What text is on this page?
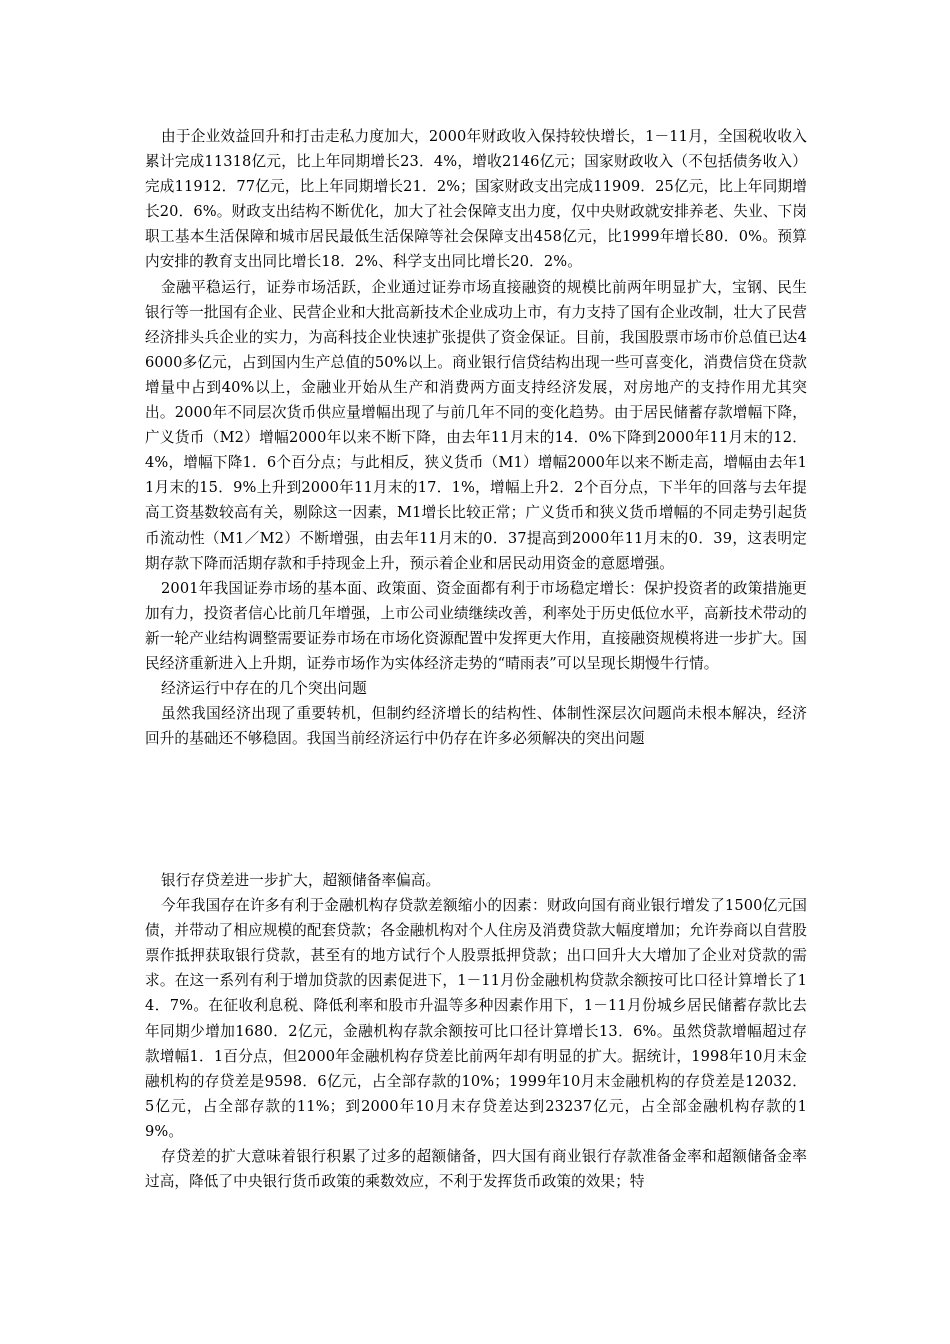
由于企业效益回升和打击走私力度加大，2000年财政收入保持较快增长，1－11月，全国税收收入累计完成11318亿元，比上年同期增长23．4%，增收2146亿元；国家财政收入（不包括债务收入）完成11912．77亿元，比上年同期增长21．2%；国家财政支出完成11909．25亿元，比上年同期增长20．6%。财政支出结构不断优化，加大了社会保障支出力度，仅中央财政就安排养老、失业、下岗职工基本生活保障和城市居民最低生活保障等社会保障支出458亿元，比1999年增长80．0%。预算内安排的教育支出同比增长18．2%、科学支出同比增长20．2%。

金融平稳运行，证券市场活跃，企业通过证券市场直接融资的规模比前两年明显扩大，宝钢、民生银行等一批国有企业、民营企业和大批高新技术企业成功上市，有力支持了国有企业改制，壮大了民营经济排头兵企业的实力，为高科技企业快速扩张提供了资金保证。目前，我国股票市场市价总值已达46000多亿元，占到国内生产总值的50%以上。商业银行信贷结构出现一些可喜变化，消费信贷在贷款增量中占到40%以上，金融业开始从生产和消费两方面支持经济发展，对房地产的支持作用尤其突出。2000年不同层次货币供应量增幅出现了与前几年不同的变化趋势。由于居民储蓄存款增幅下降，广义货币（M2）增幅2000年以来不断下降，由去年11月末的14．0%下降到2000年11月末的12．4%，增幅下降1．6个百分点；与此相反，狭义货币（M1）增幅2000年以来不断走高，增幅由去年11月末的15．9%上升到2000年11月末的17．1%，增幅上升2．2个百分点，下半年的回落与去年提高工资基数较高有关，剔除这一因素，M1增长比较正常；广义货币和狭义货币增幅的不同走势引起货币流动性（M1／M2）不断增强，由去年11月末的0．37提高到2000年11月末的0．39，这表明定期存款下降而活期存款和手持现金上升，预示着企业和居民动用资金的意愿增强。

2001年我国证券市场的基本面、政策面、资金面都有利于市场稳定增长：保护投资者的政策措施更加有力，投资者信心比前几年增强，上市公司业绩继续改善，利率处于历史低位水平，高新技术带动的新一轮产业结构调整需要证券市场在市场化资源配置中发挥更大作用，直接融资规模将进一步扩大。国民经济重新进入上升期，证券市场作为实体经济走势的“晴雨表”可以呈现长期慢牛行情。

经济运行中存在的几个突出问题

虽然我国经济出现了重要转机，但制约经济增长的结构性、体制性深层次问题尚未根本解决，经济回升的基础还不够稳固。我国当前经济运行中仍存在许多必须解决的突出问题

银行存贷差进一步扩大，超额储备率偏高。

今年我国存在许多有利于金融机构存贷款差额缩小的因素：财政向国有商业银行增发了1500亿元国债，并带动了相应规模的配套贷款；各金融机构对个人住房及消费贷款大幅度增加；允许券商以自营股票作抵押获取银行贷款，甚至有的地方试行个人股票抵押贷款；出口回升大大增加了企业对贷款的需求。在这一系列有利于增加贷款的因素促进下，1－11月份金融机构贷款余额按可比口径计算增长了14．7%。在征收利息税、降低利率和股市升温等多种因素作用下，1－11月份城乡居民储蓄存款比去年同期少增加1680．2亿元，金融机构存款余额按可比口径计算增长13．6%。虽然贷款增幅超过存款增幅1．1百分点，但2000年金融机构存贷差比前两年却有明显的扩大。据统计，1998年10月末金融机构的存贷差是9598．6亿元，占全部存款的10%；1999年10月末金融机构的存贷差是12032．5亿元，占全部存款的11%；到2000年10月末存贷差达到23237亿元，占全部金融机构存款的19%。

存贷差的扩大意味着银行积累了过多的超额储备，四大国有商业银行存款准备金率和超额储备金率过高，降低了中央银行货币政策的乘数效应，不利于发挥货币政策的效果；特
